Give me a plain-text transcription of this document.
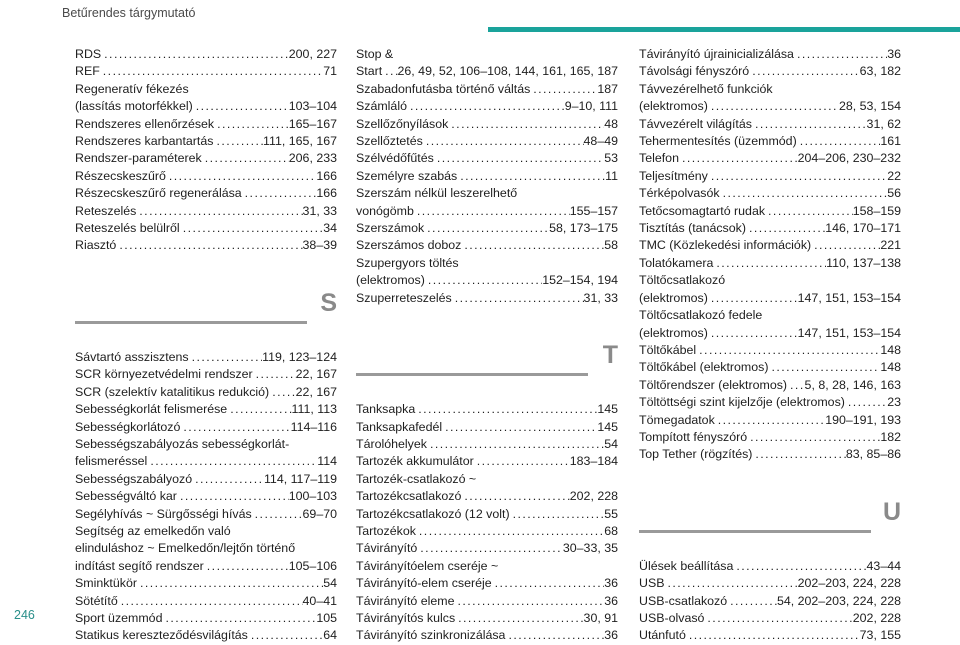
Betűrendes tárgymutató
RDS . . .	200, 227
REF . . .	71
Regeneratív fékezés
(lassítás motorfékkel) . . .	103–104
Rendszeres ellenőrzések . . .	165–167
Rendszeres karbantartás . . .	111, 165, 167
Rendszer-paraméterek . . .	206, 233
Részecskeszűrő . . .	166
Részecskeszűrő regenerálása . . .	166
Reteszelés . . .	31, 33
Reteszelés belülről . . .	34
Riasztó . . .	38–39
S
Sávtartó asszisztens . . .	119, 123–124
SCR környezetvédelmi rendszer . . .	22, 167
SCR (szelektív katalitikus redukció) . . . 22, 167
Sebességkorlát felismerése . . .	111, 113
Sebességkorlátozó . . .	114–116
Sebességszabályozás sebességkorlát-
felismeréssel . . .	114
Sebességszabályozó . . .	114, 117–119
Sebességváltó kar . . .	100–103
Segélyhívás ~ Sürgősségi hívás . . .	69–70
Segítség az emelkedőn való
elinduláshoz ~ Emelkedőn/lejtőn történő
indítást segítő rendszer . . .	105–106
Sminktükör . . .	54
Sötétítő . . .	40–41
Sport üzemmód . . .	105
Statikus kereszteződésvilágítás . . .	64
Stop &
Start . . . 26, 49, 52, 106–108, 144, 161, 165, 187
Szabadonfutásba történő váltás . . .	187
Számláló . . .	9–10, 111
Szellőzőnyílások . . .	48
Szellőztetés . . .	48–49
Szélvédőfűtés . . .	53
Személyre szabás . . .	11
Szerszám nélkül leszerelhető
vonógömb . . .	155–157
Szerszámok . . .	58, 173–175
Szerszámos doboz . . .	58
Szupergyors töltés
(elektromos) . . .	152–154, 194
Szuperreteszelés . . .	31, 33
T
Tanksapka . . .	145
Tanksapkafedél . . .	145
Tárolóhelyek . . .	54
Tartozék akkumulátor . . .	183–184
Tartozék-csatlakozó ~
Tartozékcsatlakozó . . .	202, 228
Tartozékcsatlakozó (12 volt) . . .	55
Tartozékok . . .	68
Távirányító . . .	30–33, 35
Távirányítóelem cseréje ~
Távirányító-elem cseréje . . .	36
Távirányító eleme . . .	36
Távirányítós kulcs . . .	30, 91
Távirányító szinkronizálása . . .	36
Távirányító újrainicializálása . . .	36
Távolsági fényszóró . . .	63, 182
Távvezérelhető funkciók
(elektromos) . . .	28, 53, 154
Távvezérelt világítás . . .	31, 62
Tehermentesítés (üzemmód) . . .	161
Telefon . . .	204–206, 230–232
Teljesítmény . . .	22
Térképolvasók . . .	56
Tetőcsomagtartó rudak . . .	158–159
Tisztítás (tanácsok) . . .	146, 170–171
TMC (Közlekedési információk) . . .	221
Tolatókamera . . .	110, 137–138
Töltőcsatlakozó
(elektromos) . . .	147, 151, 153–154
Töltőcsatlakozó fedele
(elektromos) . . .	147, 151, 153–154
Töltőkábel . . .	148
Töltőkábel (elektromos) . . .	148
Töltőrendszer (elektromos) . . . 5, 8, 28, 146, 163
Töltöttségi szint kijelzője (elektromos) . . .	23
Tömegadatok . . .	190–191, 193
Tompított fényszóró . . .	182
Top Tether (rögzítés) . . .	83, 85–86
U
Ülések beállítása . . .	43–44
USB . . .	202–203, 224, 228
USB-csatlakozó . . .	54, 202–203, 224, 228
USB-olvasó . . .	202, 228
Utánfutó . . .	73, 155
246
